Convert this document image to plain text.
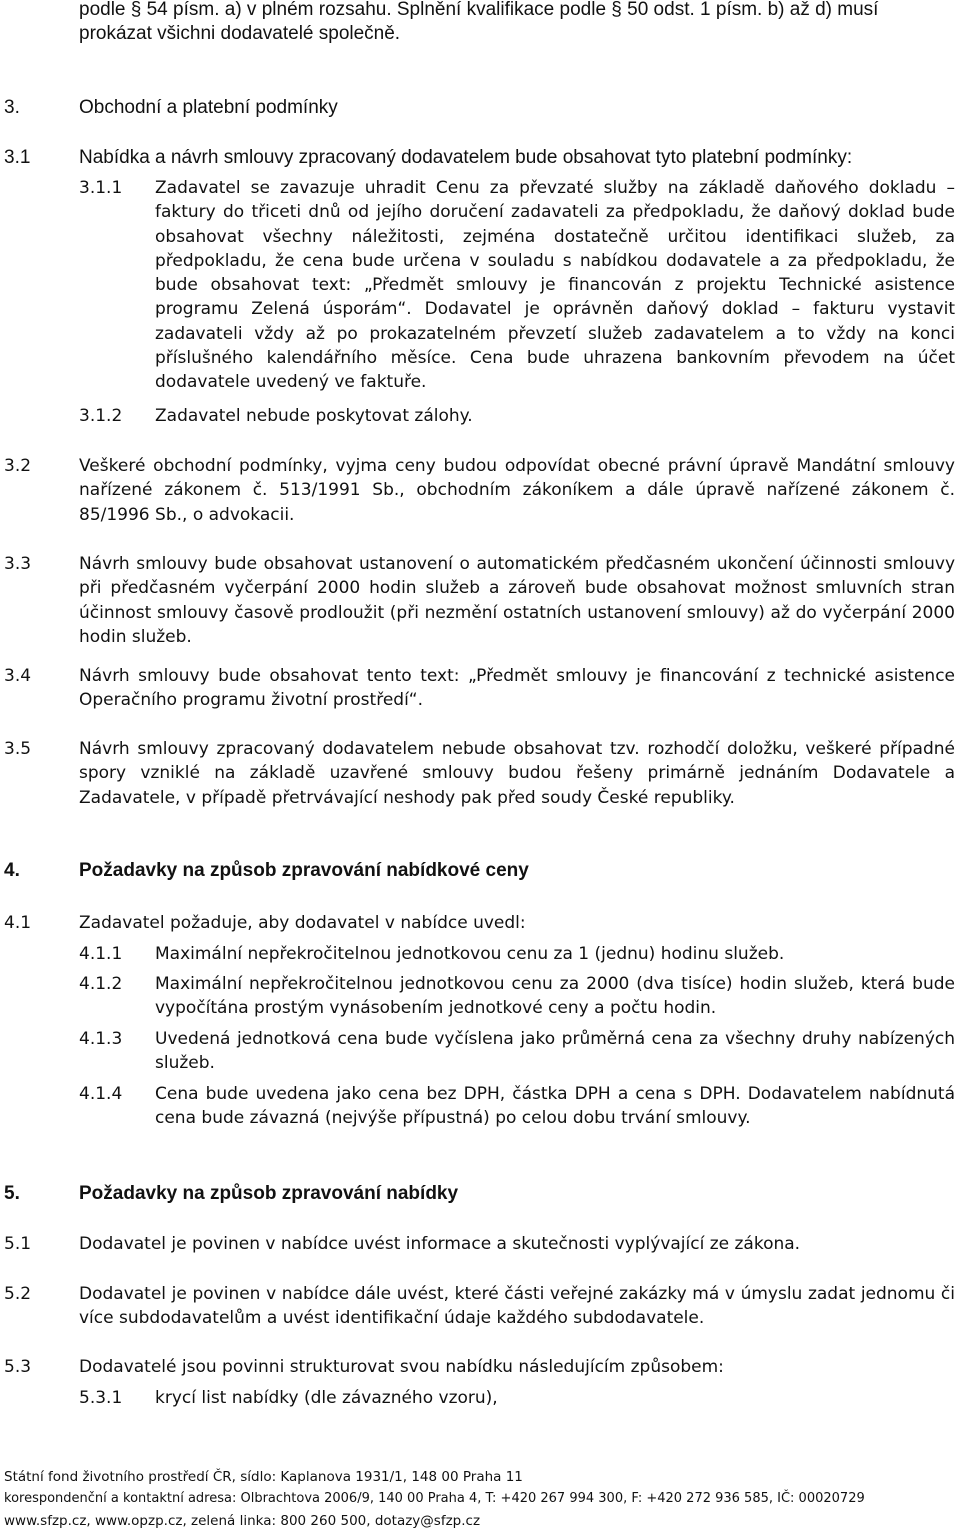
podle § 54 písm. a) v plném rozsahu. Splnění kvalifikace podle § 50 odst. 1 písm. b) až d) musí
prokázat všichni dodavatelé společně.
3.	Obchodní a platební podmínky
3.1	Nabídka a návrh smlouvy zpracovaný dodavatelem bude obsahovat tyto platební podmínky:
3.1.1 Zadavatel se zavazuje uhradit Cenu za převzaté služby na základě daňového dokladu – faktury do třiceti dnů od jejího doručení zadavateli za předpokladu, že daňový doklad bude obsahovat všechny náležitosti, zejména dostatečně určitou identifikaci služeb, za předpokladu, že cena bude určena v souladu s nabídkou dodavatele a za předpokladu, že bude obsahovat text: „Předmět smlouvy je financován z projektu Technické asistence programu Zelená úsporám“. Dodavatel je oprávněn daňový doklad – fakturu vystavit zadavateli vždy až po prokazatelném převzetí služeb zadavatelem a to vždy na konci příslušného kalendářního měsíce. Cena bude uhrazena bankovním převodem na účet dodavatele uvedený ve faktuře.
3.1.2 Zadavatel nebude poskytovat zálohy.
3.2	Veškeré obchodní podmínky, vyjma ceny budou odpovídat obecné právní úpravě Mandátní smlouvy nařízené zákonem č. 513/1991 Sb., obchodním zákoníkem a dále úpravě nařízené zákonem č. 85/1996 Sb., o advokacii.
3.3	Návrh smlouvy bude obsahovat ustanovení o automatickém předčasném ukončení účinnosti smlouvy při předčasném vyčerpání 2000 hodin služeb a zároveň bude obsahovat možnost smluvních stran účinnost smlouvy časově prodloužit (při nezmění ostatních ustanovení smlouvy) až do vyčerpání 2000 hodin služeb.
3.4	Návrh smlouvy bude obsahovat tento text: „Předmět smlouvy je financování z technické asistence Operačního programu životní prostředí“.
3.5	Návrh smlouvy zpracovaný dodavatelem nebude obsahovat tzv. rozhodčí doložku, veškeré případné spory vzniklé na základě uzavřené smlouvy budou řešeny primárně jednáním Dodavatele a Zadavatele, v případě přetrvávající neshody pak před soudy České republiky.
4.	Požadavky na způsob zpravování nabídkové ceny
4.1	Zadavatel požaduje, aby dodavatel v nabídce uvedl:
4.1.1 Maximální nepřekročitelnou jednotkovou cenu za 1 (jednu) hodinu služeb.
4.1.2 Maximální nepřekročitelnou jednotkovou cenu za 2000 (dva tisíce) hodin služeb, která bude vypočítána prostým vynásobením jednotkové ceny a počtu hodin.
4.1.3 Uvedená jednotková cena bude vyčíslena jako průměrná cena za všechny druhy nabízených služeb.
4.1.4 Cena bude uvedena jako cena bez DPH, částka DPH a cena s DPH. Dodavatelem nabídnutá cena bude závazná (nejvýše přípustná) po celou dobu trvání smlouvy.
5.	Požadavky na způsob zpravování nabídky
5.1	Dodavatel je povinen v nabídce uvést informace a skutečnosti vyplývající ze zákona.
5.2	Dodavatel je povinen v nabídce dále uvést, které části veřejné zakázky má v úmyslu zadat jednomu či více subdodavatelům a uvést identifikační údaje každého subdodavatele.
5.3	Dodavatelé jsou povinni strukturovat svou nabídku následujícím způsobem:
5.3.1 krycí list nabídky (dle závazného vzoru),
Státní fond životního prostředí ČR, sídlo: Kaplanova 1931/1, 148 00 Praha 11
korespondenční a kontaktní adresa: Olbrachtova 2006/9, 140 00 Praha 4, T: +420 267 994 300, F: +420 272 936 585, IČ: 00020729
www.sfzp.cz, www.opzp.cz, zelená linka: 800 260 500, dotazy@sfzp.cz
